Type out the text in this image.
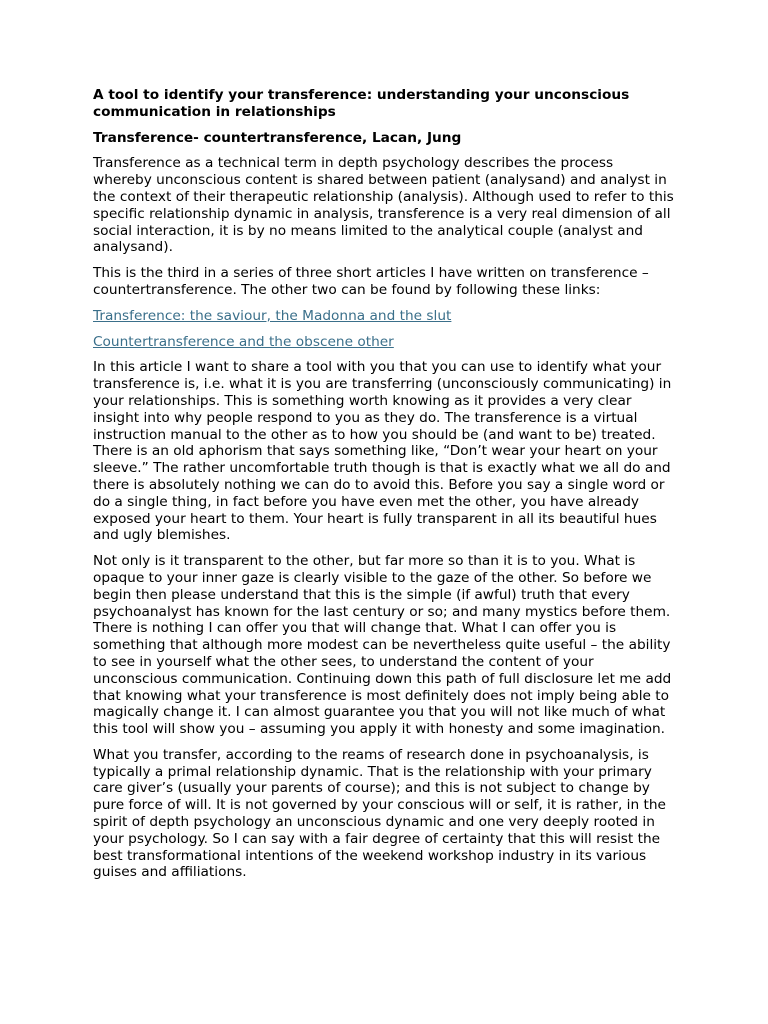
A tool to identify your transference: understanding your unconscious communication in relationships
Transference- countertransference, Lacan, Jung
Transference as a technical term in depth psychology describes the process whereby unconscious content is shared between patient (analysand) and analyst in the context of their therapeutic relationship (analysis). Although used to refer to this specific relationship dynamic in analysis, transference is a very real dimension of all social interaction, it is by no means limited to the analytical couple (analyst and analysand).
This is the third in a series of three short articles I have written on transference – countertransference. The other two can be found by following these links:
Transference: the saviour, the Madonna and the slut
Countertransference and the obscene other
In this article I want to share a tool with you that you can use to identify what your transference is, i.e. what it is you are transferring (unconsciously communicating) in your relationships. This is something worth knowing as it provides a very clear insight into why people respond to you as they do. The transference is a virtual instruction manual to the other as to how you should be (and want to be) treated. There is an old aphorism that says something like, “Don’t wear your heart on your sleeve.” The rather uncomfortable truth though is that is exactly what we all do and there is absolutely nothing we can do to avoid this. Before you say a single word or do a single thing, in fact before you have even met the other, you have already exposed your heart to them. Your heart is fully transparent in all its beautiful hues and ugly blemishes.
Not only is it transparent to the other, but far more so than it is to you. What is opaque to your inner gaze is clearly visible to the gaze of the other. So before we begin then please understand that this is the simple (if awful) truth that every psychoanalyst has known for the last century or so; and many mystics before them. There is nothing I can offer you that will change that. What I can offer you is something that although more modest can be nevertheless quite useful – the ability to see in yourself what the other sees, to understand the content of your unconscious communication. Continuing down this path of full disclosure let me add that knowing what your transference is most definitely does not imply being able to magically change it. I can almost guarantee you that you will not like much of what this tool will show you – assuming you apply it with honesty and some imagination.
What you transfer, according to the reams of research done in psychoanalysis, is typically a primal relationship dynamic. That is the relationship with your primary care giver’s (usually your parents of course); and this is not subject to change by pure force of will. It is not governed by your conscious will or self, it is rather, in the spirit of depth psychology an unconscious dynamic and one very deeply rooted in your psychology. So I can say with a fair degree of certainty that this will resist the best transformational intentions of the weekend workshop industry in its various guises and affiliations.
